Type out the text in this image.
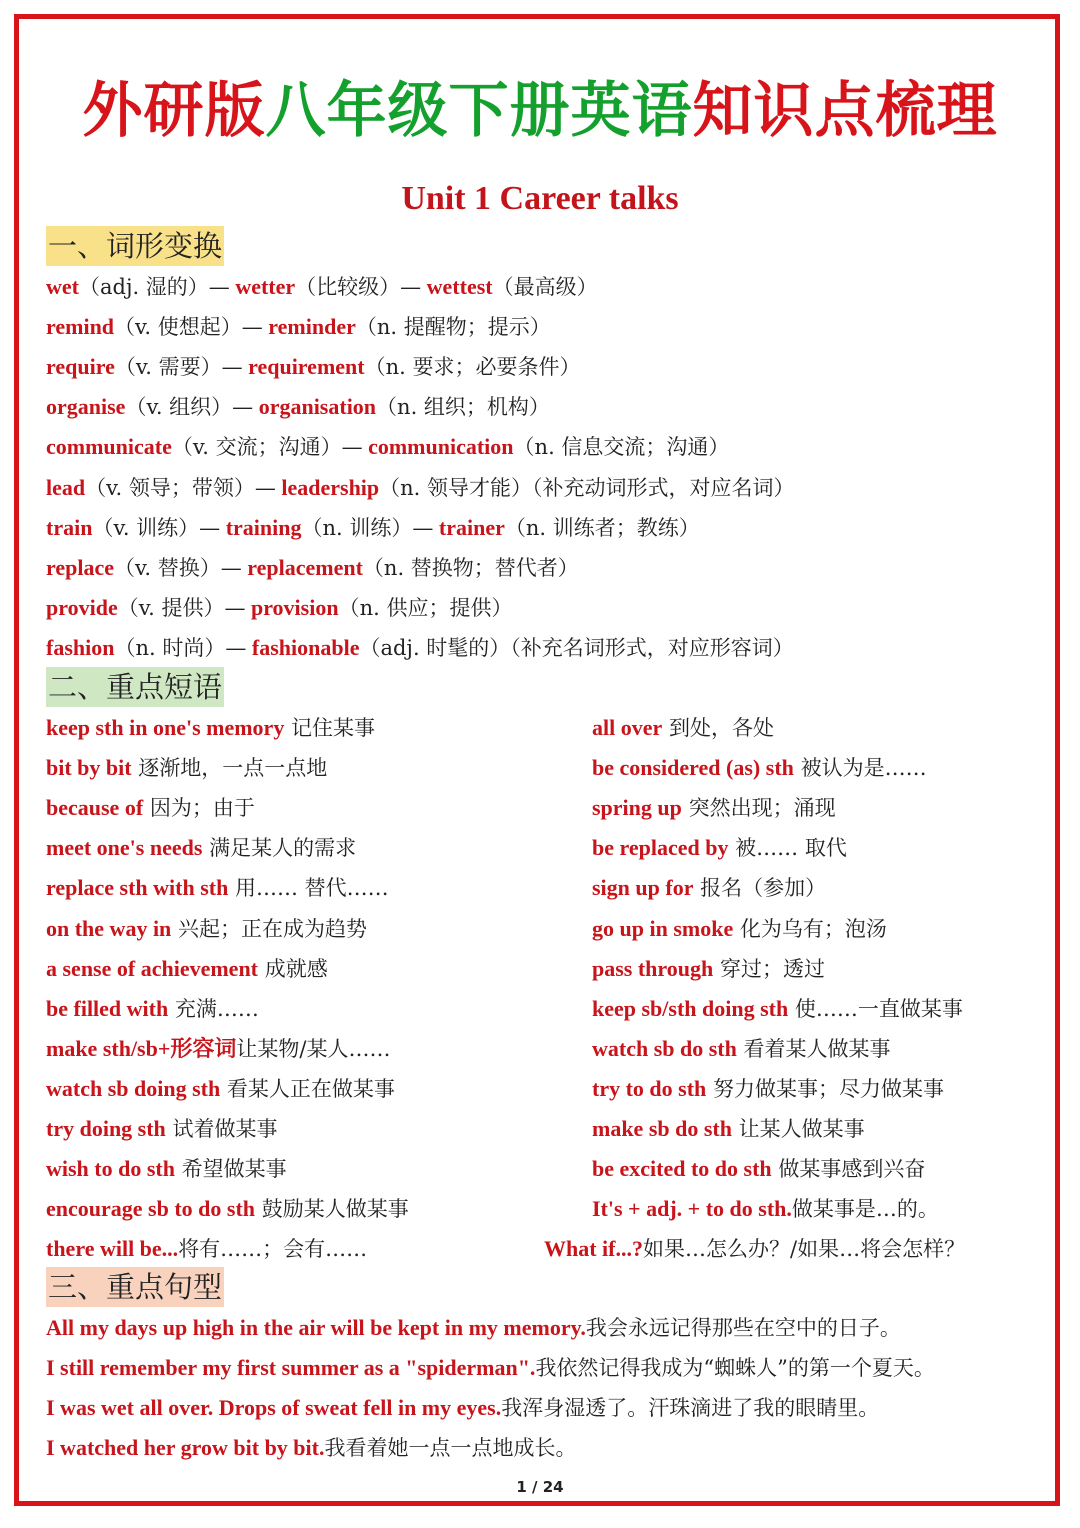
外研版八年级下册英语知识点梳理
Unit 1 Career talks
一、词形变换
wet（adj. 湿的）— wetter（比较级）— wettest（最高级）
remind（v. 使想起）— reminder（n. 提醒物；提示）
require（v. 需要）— requirement（n. 要求；必要条件）
organise（v. 组织）— organisation（n. 组织；机构）
communicate（v. 交流；沟通）— communication（n. 信息交流；沟通）
lead（v. 领导；带领）— leadership（n. 领导才能）（补充动词形式，对应名词）
train（v. 训练）— training（n. 训练）— trainer（n. 训练者；教练）
replace（v. 替换）— replacement（n. 替换物；替代者）
provide（v. 提供）— provision（n. 供应；提供）
fashion（n. 时尚）— fashionable（adj. 时髦的）（补充名词形式，对应形容词）
二、重点短语
keep sth in one's memory 记住某事
bit by bit 逐渐地，一点一点地
because of 因为；由于
meet one's needs 满足某人的需求
replace sth with sth 用…… 替代……
on the way in 兴起；正在成为趋势
a sense of achievement 成就感
be filled with 充满……
make sth/sb+形容词让某物/某人……
watch sb doing sth 看某人正在做某事
try doing sth 试着做某事
wish to do sth 希望做某事
encourage sb to do sth 鼓励某人做某事
there will be...将有……；会有……
all over 到处，各处
be considered (as) sth 被认为是……
spring up 突然出现；涌现
be replaced by 被…… 取代
sign up for 报名（参加）
go up in smoke 化为乌有；泡汤
pass through 穿过；透过
keep sb/sth doing sth 使……一直做某事
watch sb do sth 看着某人做某事
try to do sth 努力做某事；尽力做某事
make sb do sth 让某人做某事
be excited to do sth 做某事感到兴奋
It's + adj. + to do sth.做某事是…的。
What if...?如果…怎么办？/如果…将会怎样？
三、重点句型
All my days up high in the air will be kept in my memory.我会永远记得那些在空中的日子。
I still remember my first summer as a "spiderman".我依然记得我成为“蜘蛛人”的第一个夏天。
I was wet all over. Drops of sweat fell in my eyes.我浑身湿透了。汗珠滴进了我的眼睛里。
I watched her grow bit by bit.我看着她一点一点地成长。
1 / 24
